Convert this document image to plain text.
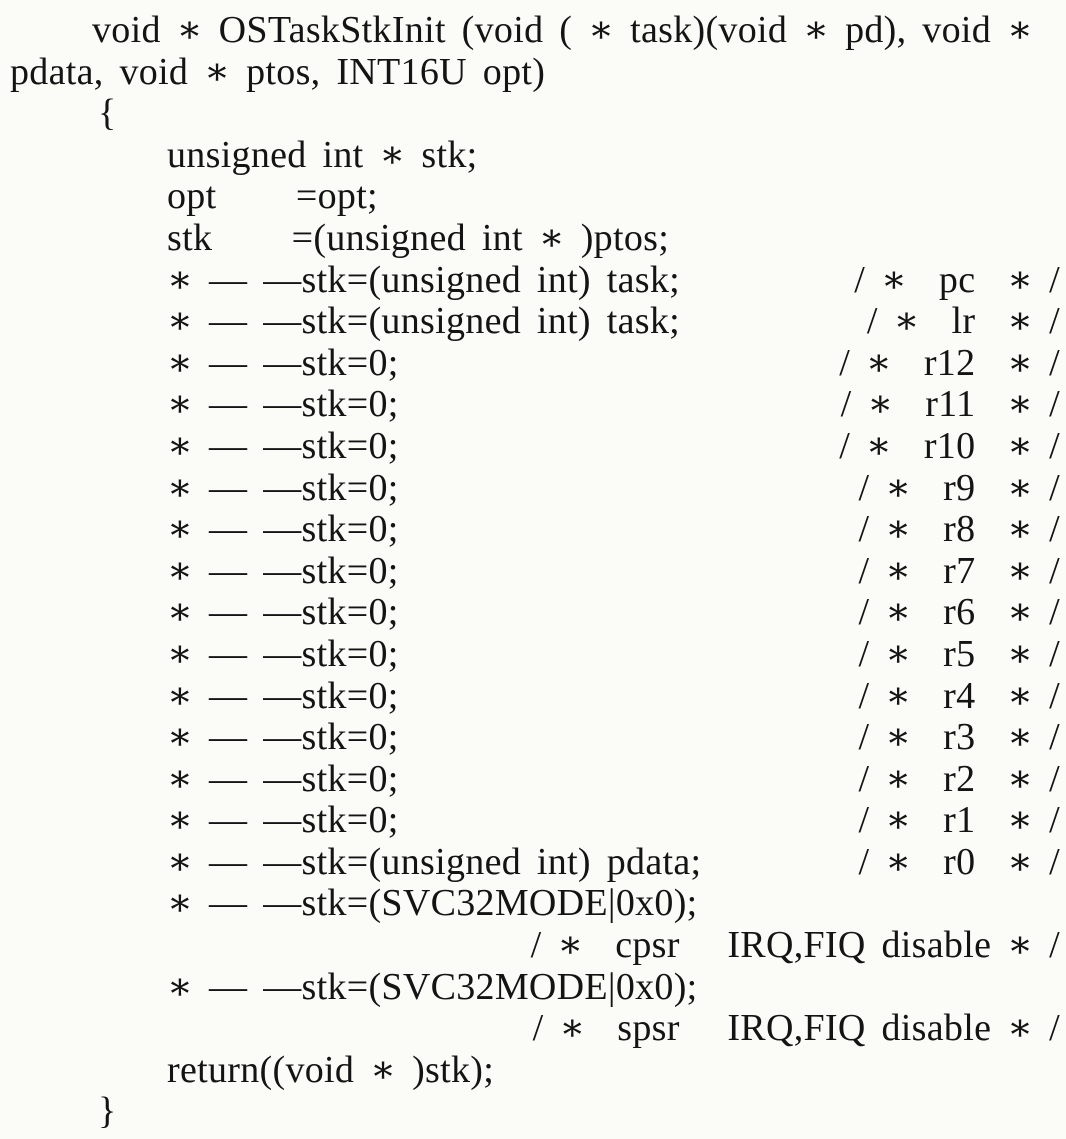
void ∗ OSTaskStkInit (void ( ∗ task)(void ∗ pd), void ∗
pdata, void ∗ ptos, INT16U opt)
{
unsigned int ∗ stk;
opt     =opt;
stk     =(unsigned int ∗ )ptos;
∗ — —stk=(unsigned int) task;	/ ∗  pc  ∗ /
∗ — —stk=(unsigned int) task;	/ ∗  lr  ∗ /
∗ — —stk=0;	/ ∗  r12  ∗ /
∗ — —stk=0;	/ ∗  r11  ∗ /
∗ — —stk=0;	/ ∗  r10  ∗ /
∗ — —stk=0;	/ ∗  r9  ∗ /
∗ — —stk=0;	/ ∗  r8  ∗ /
∗ — —stk=0;	/ ∗  r7  ∗ /
∗ — —stk=0;	/ ∗  r6  ∗ /
∗ — —stk=0;	/ ∗  r5  ∗ /
∗ — —stk=0;	/ ∗  r4  ∗ /
∗ — —stk=0;	/ ∗  r3  ∗ /
∗ — —stk=0;	/ ∗  r2  ∗ /
∗ — —stk=0;	/ ∗  r1  ∗ /
∗ — —stk=(unsigned int) pdata;	/ ∗  r0  ∗ /
∗ — —stk=(SVC32MODE|0x0);
/ ∗  cpsr   IRQ,FIQ disable ∗ /
∗ — —stk=(SVC32MODE|0x0);
/ ∗  spsr   IRQ,FIQ disable ∗ /
return((void ∗ )stk);
}
